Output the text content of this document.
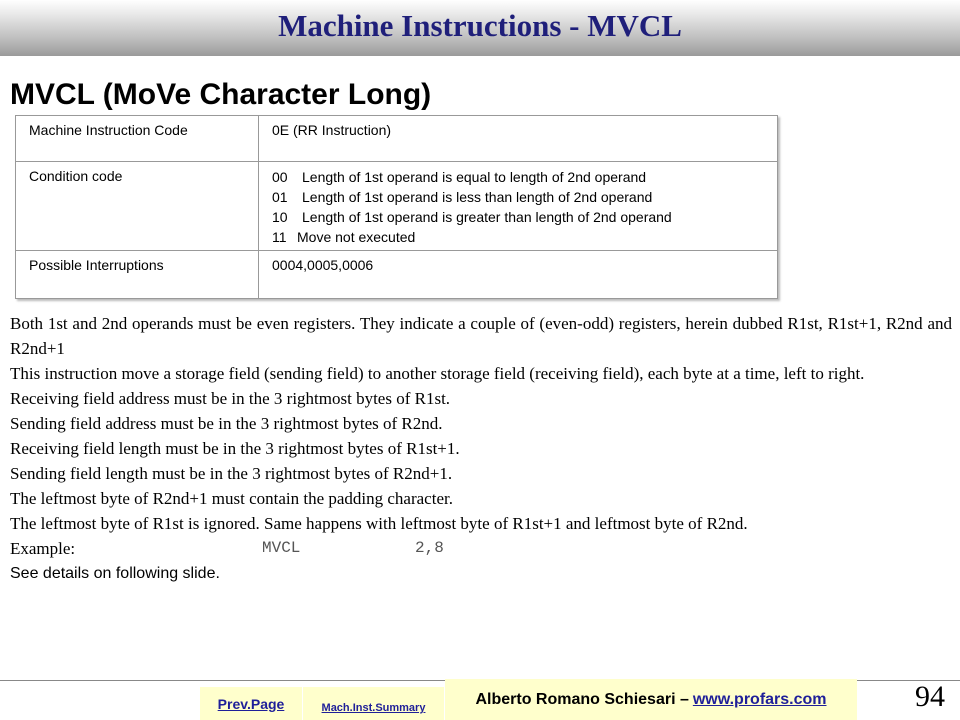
Machine Instructions - MVCL
MVCL (MoVe Character Long)
Machine Instruction Code	0E (RR Instruction)
Condition code	00 Length of 1st operand is equal to length of 2nd operand
01 Length of 1st operand is less than length of 2nd operand
10 Length of 1st operand is greater than length of 2nd operand
11 Move not executed
Possible Interruptions	0004,0005,0006

Both 1st and 2nd operands must be even registers. They indicate a couple of (even-odd) registers, herein dubbed R1st, R1st+1, R2nd and R2nd+1

This instruction move a storage field (sending field) to another storage field (receiving field), each byte at a time, left to right.

Receiving field address must be in the 3 rightmost bytes of R1st.

Sending field address must be in the 3 rightmost bytes of R2nd.

Receiving field length must be in the 3 rightmost bytes of R1st+1.

Sending field length must be in the 3 rightmost bytes of R2nd+1.

The leftmost byte of R2nd+1 must contain the padding character.

The leftmost byte of R1st is ignored. Same happens with leftmost byte of R1st+1 and leftmost byte of R2nd.

Example:	MVCL	2,8

See details on following slide.

Prev.Page	Mach.Inst.Summary
Alberto Romano Schiesari – www.profars.com	94
